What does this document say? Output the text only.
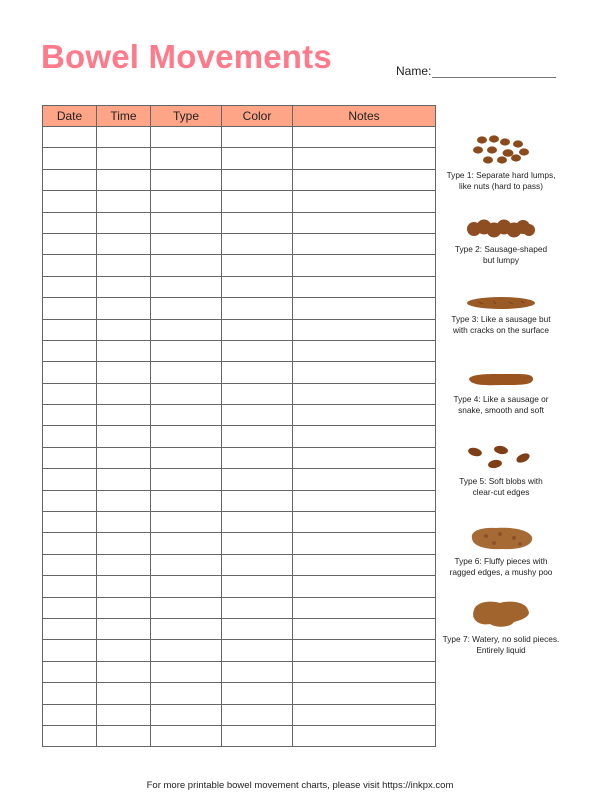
Bowel Movements	Name:
Date	Time	Type	Color	Notes

Type 1: Separate hard lumps,
like nuts (hard to pass)
Type 2: Sausage-shaped
but lumpy
Type 3: Like a sausage but
with cracks on the surface
Type 4: Like a sausage or
snake, smooth and soft
Type 5: Soft blobs with
clear-cut edges
Type 6: Fluffy pieces with
ragged edges, a mushy poo
Type 7: Watery, no solid pieces.
Entirely liquid
For more printable bowel movement charts, please visit https://inkpx.com
